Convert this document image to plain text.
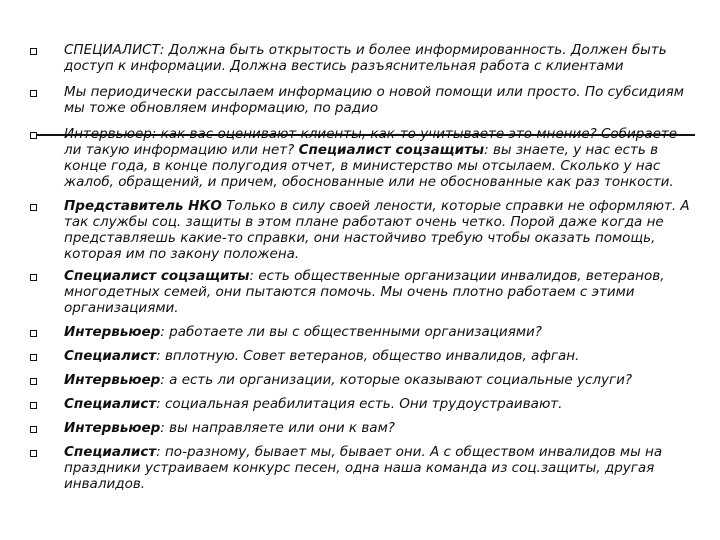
СПЕЦИАЛИСТ: Должна быть открытость и более информированность. Должен быть доступ к информации. Должна вестись разъяснительная работа с клиентами
Мы периодически рассылаем информацию о новой помощи или просто. По субсидиям мы тоже обновляем информацию, по радио
Интервьюер: как вас оценивают клиенты, как-то учитываете это мнение? Собираете ли такую информацию или нет? Специалист соцзащиты: вы знаете, у нас есть в конце года, в конце полугодия отчет, в министерство мы отсылаем. Сколько у нас жалоб, обращений, и причем, обоснованные или не обоснованные как раз тонкости.
Представитель НКО Только в силу своей лености, которые справки не оформляют. А так службы соц. защиты в этом плане работают очень четко. Порой даже когда не представляешь какие-то справки, они настойчиво требую чтобы оказать помощь, которая им по закону положена.
Специалист соцзащиты: есть общественные организации инвалидов, ветеранов, многодетных семей, они пытаются помочь. Мы очень плотно работаем с этими организациями.
Интервьюер: работаете ли вы с общественными организациями?
Специалист: вплотную. Совет ветеранов, общество инвалидов, афган.
Интервьюер: а есть ли организации, которые оказывают социальные услуги?
Специалист: социальная реабилитация есть. Они трудоустраивают.
Интервьюер: вы направляете или они к вам?
Специалист: по-разному, бывает мы, бывает они. А с обществом инвалидов мы на праздники устраиваем конкурс песен, одна наша команда из соц.защиты, другая инвалидов.
